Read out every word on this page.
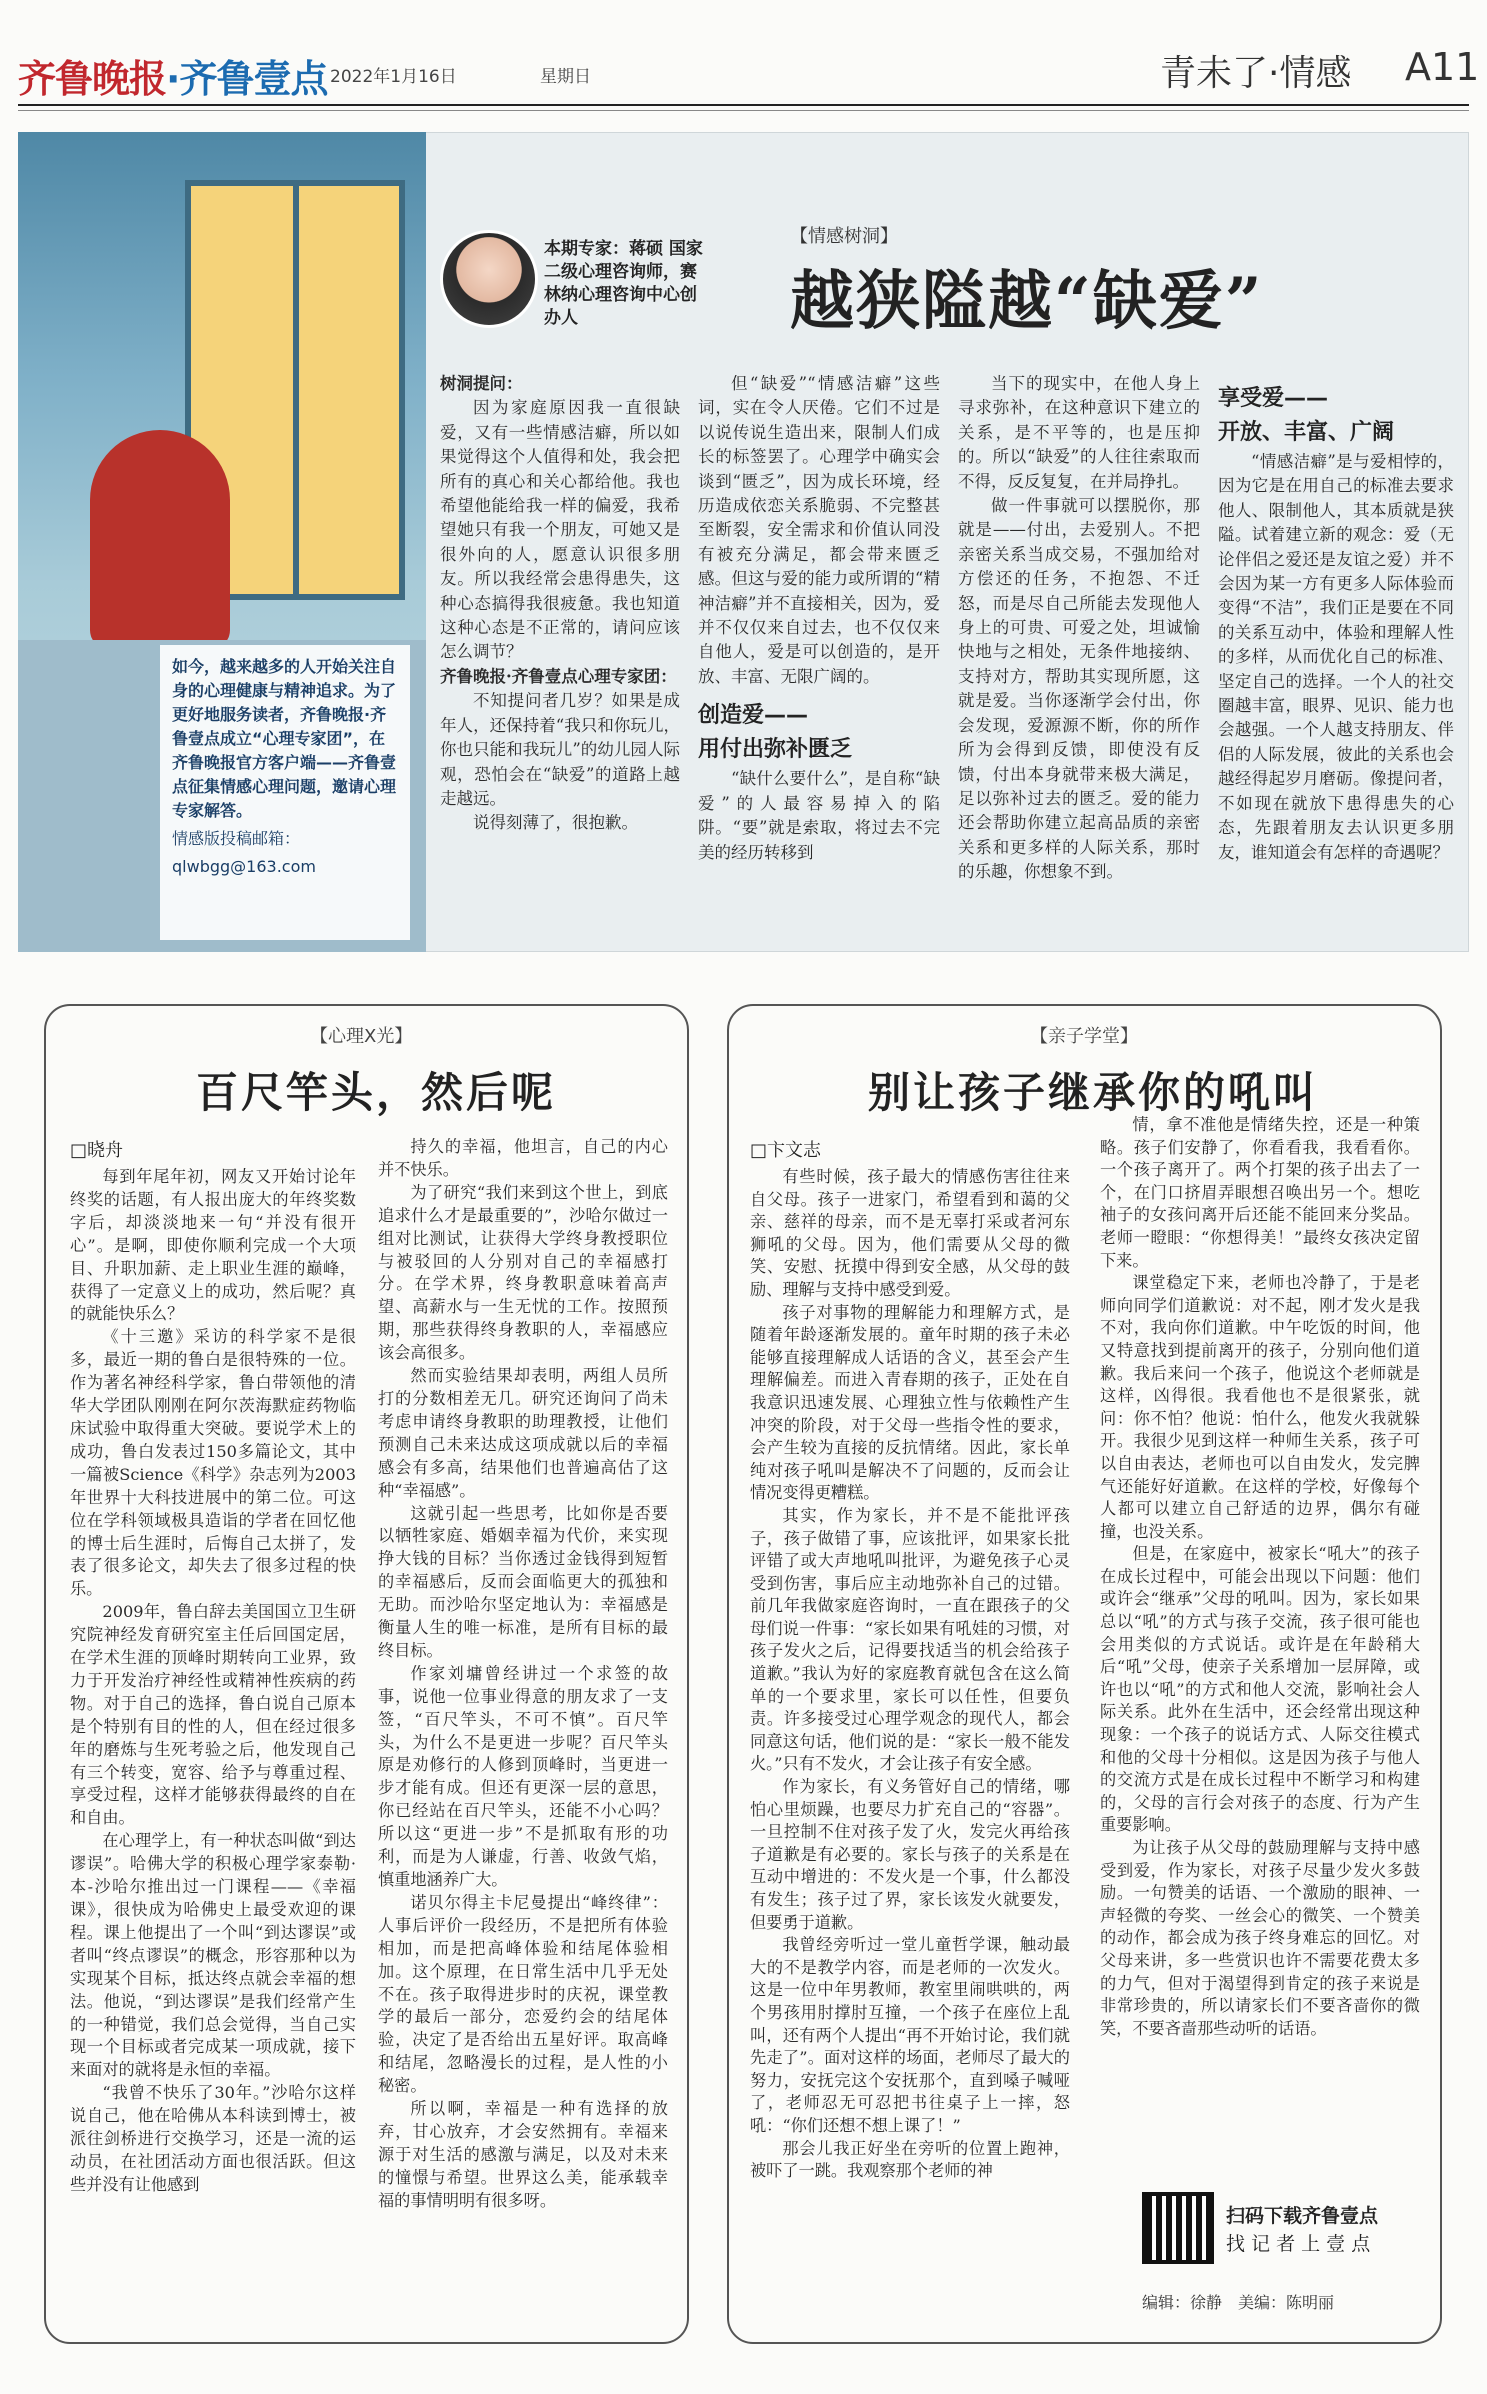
齐鲁晚报·齐鲁壹点 2022年1月16日	星期日	青未了·情感 A11
如今，越来越多的人开始关注自身的心理健康与精神追求。为了更好地服务读者，齐鲁晚报·齐鲁壹点成立“心理专家团”，在齐鲁晚报官方客户端——齐鲁壹点征集情感心理问题，邀请心理专家解答。
情感版投稿邮箱：
qlwbgg@163.com
本期专家：蒋硕 国家二级心理咨询师，赛林纳心理咨询中心创办人
【情感树洞】
越狭隘越“缺爱”

树洞提问：

因为家庭原因我一直很缺爱，又有一些情感洁癖，所以如果觉得这个人值得和处，我会把所有的真心和关心都给他。我也希望他能给我一样的偏爱，我希望她只有我一个朋友，可她又是很外向的人，愿意认识很多朋友。所以我经常会患得患失，这种心态搞得我很疲惫。我也知道这种心态是不正常的，请问应该怎么调节？

齐鲁晚报·齐鲁壹点心理专家团：

不知提问者几岁？如果是成年人，还保持着“我只和你玩儿，你也只能和我玩儿”的幼儿园人际观，恐怕会在“缺爱”的道路上越走越远。

说得刻薄了，很抱歉。

但“缺爱”“情感洁癖”这些词，实在令人厌倦。它们不过是以说传说生造出来，限制人们成长的标签罢了。心理学中确实会谈到“匮乏”，因为成长环境，经历造成依恋关系脆弱、不完整甚至断裂，安全需求和价值认同没有被充分满足，都会带来匮乏感。但这与爱的能力或所谓的“精神洁癖”并不直接相关，因为，爱并不仅仅来自过去，也不仅仅来自他人，爱是可以创造的，是开放、丰富、无限广阔的。

创造爱——
用付出弥补匮乏

“缺什么要什么”，是自称“缺爱”的人最容易掉入的陷阱。“要”就是索取，将过去不完美的经历转移到

当下的现实中，在他人身上寻求弥补，在这种意识下建立的关系，是不平等的，也是压抑的。所以“缺爱”的人往往索取而不得，反反复复，在并局挣扎。

做一件事就可以摆脱你，那就是——付出，去爱别人。不把亲密关系当成交易，不强加给对方偿还的任务，不抱怨、不迁怒，而是尽自己所能去发现他人身上的可贵、可爱之处，坦诚愉快地与之相处，无条件地接纳、支持对方，帮助其实现所愿，这就是爱。当你逐渐学会付出，你会发现，爱源源不断，你的所作所为会得到反馈，即使没有反馈，付出本身就带来极大满足，足以弥补过去的匮乏。爱的能力还会帮助你建立起高品质的亲密关系和更多样的人际关系，那时的乐趣，你想象不到。

享受爱——
开放、丰富、广阔

“情感洁癖”是与爱相悖的，因为它是在用自己的标准去要求他人、限制他人，其本质就是狭隘。试着建立新的观念：爱（无论伴侣之爱还是友谊之爱）并不会因为某一方有更多人际体验而变得“不洁”，我们正是要在不同的关系互动中，体验和理解人性的多样，从而优化自己的标准、坚定自己的选择。一个人的社交圈越丰富，眼界、见识、能力也会越强。一个人越支持朋友、伴侣的人际发展，彼此的关系也会越经得起岁月磨砺。像提问者，不如现在就放下患得患失的心态，先跟着朋友去认识更多朋友，谁知道会有怎样的奇遇呢？

【心理X光】
百尺竿头，然后呢
□晓舟

每到年尾年初，网友又开始讨论年终奖的话题，有人报出庞大的年终奖数字后，却淡淡地来一句“并没有很开心”。是啊，即使你顺利完成一个大项目、升职加薪、走上职业生涯的巅峰，获得了一定意义上的成功，然后呢？真的就能快乐么？

《十三邀》采访的科学家不是很多，最近一期的鲁白是很特殊的一位。作为著名神经科学家，鲁白带领他的清华大学团队刚刚在阿尔茨海默症药物临床试验中取得重大突破。要说学术上的成功，鲁白发表过150多篇论文，其中一篇被Science《科学》杂志列为2003年世界十大科技进展中的第二位。可这位在学科领域极具造诣的学者在回忆他的博士后生涯时，后悔自己太拼了，发表了很多论文，却失去了很多过程的快乐。

2009年，鲁白辞去美国国立卫生研究院神经发育研究室主任后回国定居，在学术生涯的顶峰时期转向工业界，致力于开发治疗神经性或精神性疾病的药物。对于自己的选择，鲁白说自己原本是个特别有目的性的人，但在经过很多年的磨炼与生死考验之后，他发现自己有三个转变，宽容、给予与尊重过程、享受过程，这样才能够获得最终的自在和自由。

在心理学上，有一种状态叫做“到达谬误”。哈佛大学的积极心理学家泰勒·本-沙哈尔推出过一门课程——《幸福课》，很快成为哈佛史上最受欢迎的课程。课上他提出了一个叫“到达谬误”或者叫“终点谬误”的概念，形容那种以为实现某个目标，抵达终点就会幸福的想法。他说，“到达谬误”是我们经常产生的一种错觉，我们总会觉得，当自己实现一个目标或者完成某一项成就，接下来面对的就将是永恒的幸福。

“我曾不快乐了30年。”沙哈尔这样说自己，他在哈佛从本科读到博士，被派往剑桥进行交换学习，还是一流的运动员，在社团活动方面也很活跃。但这些并没有让他感到

持久的幸福，他坦言，自己的内心并不快乐。

为了研究“我们来到这个世上，到底追求什么才是最重要的”，沙哈尔做过一组对比测试，让获得大学终身教授职位与被驳回的人分别对自己的幸福感打分。在学术界，终身教职意味着高声望、高薪水与一生无忧的工作。按照预期，那些获得终身教职的人，幸福感应该会高很多。

然而实验结果却表明，两组人员所打的分数相差无几。研究还询问了尚未考虑申请终身教职的助理教授，让他们预测自己未来达成这项成就以后的幸福感会有多高，结果他们也普遍高估了这种“幸福感”。

这就引起一些思考，比如你是否要以牺牲家庭、婚姻幸福为代价，来实现挣大钱的目标？当你透过金钱得到短暂的幸福感后，反而会面临更大的孤独和无助。而沙哈尔坚定地认为：幸福感是衡量人生的唯一标准，是所有目标的最终目标。

作家刘墉曾经讲过一个求签的故事，说他一位事业得意的朋友求了一支签，“百尺竿头，不可不慎”。百尺竿头，为什么不是更进一步呢？百尺竿头原是劝修行的人修到顶峰时，当更进一步才能有成。但还有更深一层的意思，你已经站在百尺竿头，还能不小心吗？所以这“更进一步”不是抓取有形的功利，而是为人谦虚，行善、收敛气焰，慎重地涵养广大。

诺贝尔得主卡尼曼提出“峰终律”：人事后评价一段经历，不是把所有体验相加，而是把高峰体验和结尾体验相加。这个原理，在日常生活中几乎无处不在。孩子取得进步时的庆祝，课堂教学的最后一部分，恋爱约会的结尾体验，决定了是否给出五星好评。取高峰和结尾，忽略漫长的过程，是人性的小秘密。

所以啊，幸福是一种有选择的放弃，甘心放弃，才会安然拥有。幸福来源于对生活的感激与满足，以及对未来的憧憬与希望。世界这么美，能承载幸福的事情明明有很多呀。

【亲子学堂】
别让孩子继承你的吼叫
□卞文志

有些时候，孩子最大的情感伤害往往来自父母。孩子一进家门，希望看到和蔼的父亲、慈祥的母亲，而不是无辜打采或者河东狮吼的父母。因为，他们需要从父母的微笑、安慰、抚摸中得到安全感，从父母的鼓励、理解与支持中感受到爱。

孩子对事物的理解能力和理解方式，是随着年龄逐渐发展的。童年时期的孩子未必能够直接理解成人话语的含义，甚至会产生理解偏差。而进入青春期的孩子，正处在自我意识迅速发展、心理独立性与依赖性产生冲突的阶段，对于父母一些指令性的要求，会产生较为直接的反抗情绪。因此，家长单纯对孩子吼叫是解决不了问题的，反而会让情况变得更糟糕。

其实，作为家长，并不是不能批评孩子，孩子做错了事，应该批评，如果家长批评错了或大声地吼叫批评，为避免孩子心灵受到伤害，事后应主动地弥补自己的过错。前几年我做家庭咨询时，一直在跟孩子的父母们说一件事：“家长如果有吼娃的习惯，对孩子发火之后，记得要找适当的机会给孩子道歉。”我认为好的家庭教育就包含在这么简单的一个要求里，家长可以任性，但要负责。许多接受过心理学观念的现代人，都会同意这句话，他们说的是：“家长一般不能发火。”只有不发火，才会让孩子有安全感。

作为家长，有义务管好自己的情绪，哪怕心里烦躁，也要尽力扩充自己的“容器”。一旦控制不住对孩子发了火，发完火再给孩子道歉是有必要的。家长与孩子的关系是在互动中增进的：不发火是一个事，什么都没有发生；孩子过了界，家长该发火就要发，但要勇于道歉。

我曾经旁听过一堂儿童哲学课，触动最大的不是教学内容，而是老师的一次发火。这是一位中年男教师，教室里闹哄哄的，两个男孩用肘撑肘互撞，一个孩子在座位上乱叫，还有两个人提出“再不开始讨论，我们就先走了”。面对这样的场面，老师尽了最大的努力，安抚完这个安抚那个，直到嗓子喊哑了，老师忍无可忍把书往桌子上一摔，怒吼：“你们还想不想上课了！”

那会儿我正好坐在旁听的位置上跑神，被吓了一跳。我观察那个老师的神

情，拿不准他是情绪失控，还是一种策略。孩子们安静了，你看看我，我看看你。一个孩子离开了。两个打架的孩子出去了一个，在门口挤眉弄眼想召唤出另一个。想吃袖子的女孩问离开后还能不能回来分奖品。老师一瞪眼：“你想得美！”最终女孩决定留下来。

课堂稳定下来，老师也冷静了，于是老师向同学们道歉说：对不起，刚才发火是我不对，我向你们道歉。中午吃饭的时间，他又特意找到提前离开的孩子，分别向他们道歉。我后来问一个孩子，他说这个老师就是这样，凶得很。我看他也不是很紧张，就问：你不怕？他说：怕什么，他发火我就躲开。我很少见到这样一种师生关系，孩子可以自由表达，老师也可以自由发火，发完脾气还能好好道歉。在这样的学校，好像每个人都可以建立自己舒适的边界，偶尔有碰撞，也没关系。

但是，在家庭中，被家长“吼大”的孩子在成长过程中，可能会出现以下问题：他们或许会“继承”父母的吼叫。因为，家长如果总以“吼”的方式与孩子交流，孩子很可能也会用类似的方式说话。或许是在年龄稍大后“吼”父母，使亲子关系增加一层屏障，或许也以“吼”的方式和他人交流，影响社会人际关系。此外在生活中，还会经常出现这种现象：一个孩子的说话方式、人际交往模式和他的父母十分相似。这是因为孩子与他人的交流方式是在成长过程中不断学习和构建的，父母的言行会对孩子的态度、行为产生重要影响。

为让孩子从父母的鼓励理解与支持中感受到爱，作为家长，对孩子尽量少发火多鼓励。一句赞美的话语、一个激励的眼神、一声轻微的夸奖、一丝会心的微笑、一个赞美的动作，都会成为孩子终身难忘的回忆。对父母来讲，多一些赏识也许不需要花费太多的力气，但对于渴望得到肯定的孩子来说是非常珍贵的，所以请家长们不要吝啬你的微笑，不要吝啬那些动听的话语。

扫码下载齐鲁壹点
找 记 者 上 壹 点
编辑：徐静　美编：陈明丽
